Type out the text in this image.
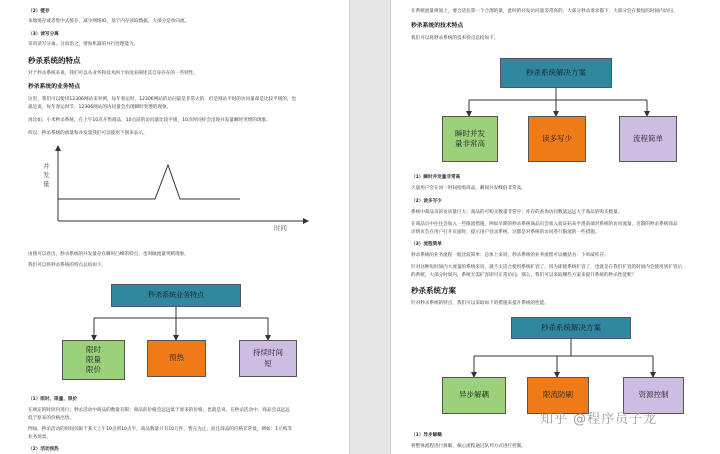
（2）缓存
本地缓存或者集中式缓存，减少网络IO，基于内存读取数据，大部分是单向流。
（3）读写分离
采用读写分离、分而治之，增加机器的并行处理能力。
秒杀系统的特点
对于秒杀系统来说，我们可以从业务和技术两个角度来阐述其自身存在的一些特性。
秒杀系统的业务特点
这里，我们可以使用12306网站来举例，每年春运时，12306网站的访问量是非常大的，但是网站平时的访问量却是比较平缓的，也
就是说，每年春运时节，12306网站的访问量会出现瞬时突增的现象。
再比如，小米秒杀系统，在上午10点开售商品，10点前的访问量比较平缓，10点时同样会出现并发量瞬时突增的现象。
所以，秒杀系统的流量和并发量我们可以使用下图来表示。
并
发
量
时间
由图可以看出，秒杀系统的并发量存在瞬时凸峰的特点，也叫做流量突刺现象。
我们可以将秒杀系统的特点总结如下。
秒杀系统业务特点
限时
限量
限价
预热
持续时间
短
（1）限时、限量、限价
在规定的时间内进行；秒杀活动中商品的数量有限；商品的价格会远远低于原来的价格，也就是说，在秒杀活动中，商品会以远远
低于原来的价格出售。
例如，秒杀活动的时间仅限于某天上午10点到10点半，商品数量只有10万件，售完为止，而且商品的价格非常低，例如：1元购等
业务场景。
（2）活动预热
在系统流量规划上，要合适估算一个合理的量，此时的并发访问量非常高的，大部分秒杀请求都下，大部分会在极短的时间内访问。
秒杀系统的技术特点
我们可以将秒杀系统的技术特点总结如下。
秒杀系统解决方案
瞬时并发
量非常高
读多写少	流程简单
（1）瞬时并发量非常高
大量用户会在同一时间抢购商品，瞬间并发峰值非常高。
（2）读多写少
系统中商品页的访问量巨大；商品的可购买数量非常少；库存的查询访问数量远远大于商品的购买数量。
在商品页中往往会加入一些限流措施，例如早期的秒杀系统商品页会加入验证码来平滑前端对系统的访问流量，近期的秒杀系统商品
详情页会在用户打开页面时，提示用户登录系统，这都是对系统的访问进行限流的一些措施。
（3）流程简单
秒杀系统的业务流程一般比较简单；总体上来说，秒杀系统的业务流程可以概括为：下单减库存。
针对这种短时间内大流量的系统来说，就不太适合使用系统扩容了，因为即使系统扩容了，也就是在我们扩容的时间内会使用到扩容后
的系统，大部分时间内，系统无需扩容即可正常访问。那么，我们可以采取哪些方案来提升系统的秒杀性能呢？
秒杀系统方案
针对秒杀系统的特点，我们可以采取如下的措施来提升系统的性能。
秒杀系统解决方案
异步解耦	限流防刷	资源控制
（1）异步解耦
将整体流程进行拆解，核心流程通过队列方式进行控制。
知乎 @程序员子龙
